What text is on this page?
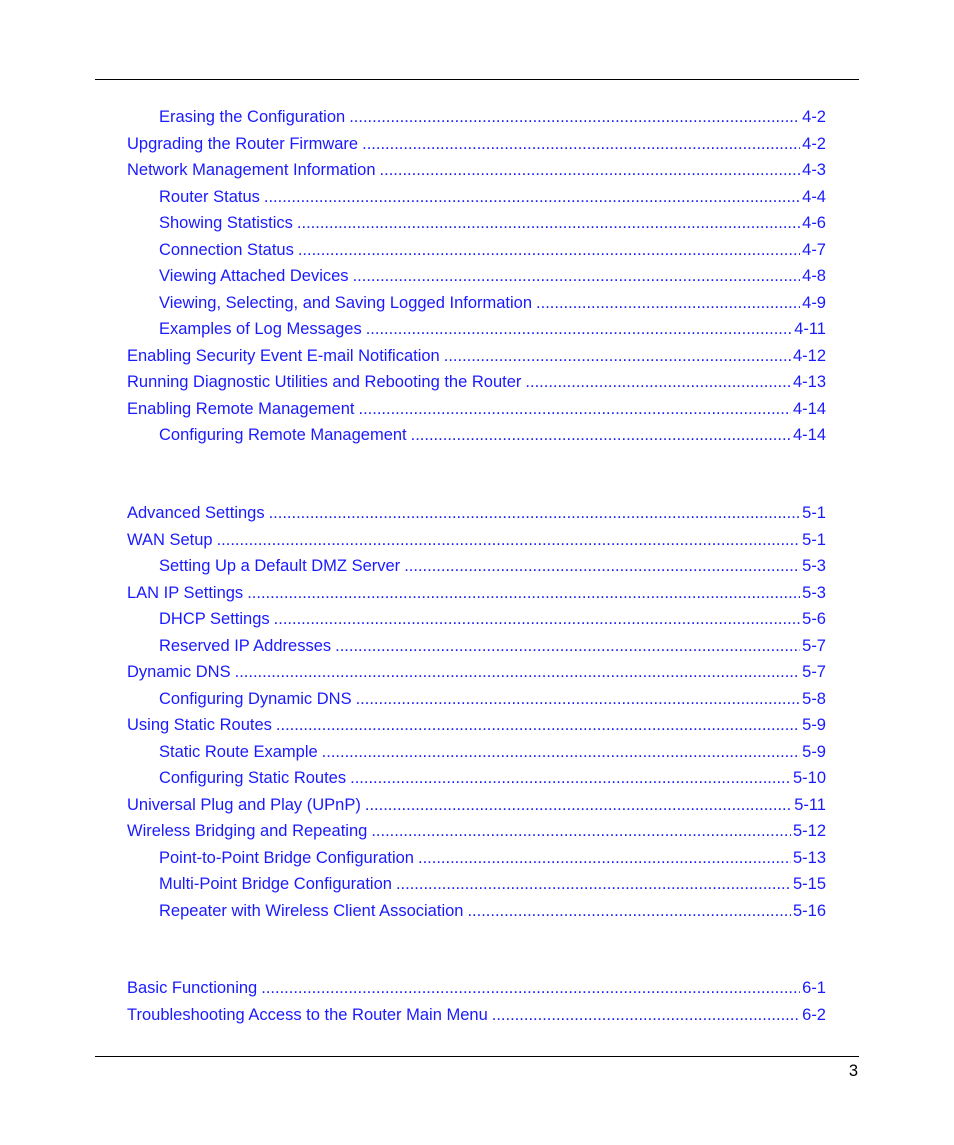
Erasing the Configuration .....	4-2
Upgrading the Router Firmware .....	4-2
Network Management Information .....	4-3
Router Status .....	4-4
Showing Statistics .....	4-6
Connection Status .....	4-7
Viewing Attached Devices .....	4-8
Viewing, Selecting, and Saving Logged Information .....	4-9
Examples of Log Messages .....	4-11
Enabling Security Event E-mail Notification .....	4-12
Running Diagnostic Utilities and Rebooting the Router .....	4-13
Enabling Remote Management .....	4-14
Configuring Remote Management .....	4-14
Advanced Settings .....	5-1
WAN Setup .....	5-1
Setting Up a Default DMZ Server .....	5-3
LAN IP Settings .....	5-3
DHCP Settings .....	5-6
Reserved IP Addresses .....	5-7
Dynamic DNS .....	5-7
Configuring Dynamic DNS .....	5-8
Using Static Routes .....	5-9
Static Route Example .....	5-9
Configuring Static Routes .....	5-10
Universal Plug and Play (UPnP) .....	5-11
Wireless Bridging and Repeating .....	5-12
Point-to-Point Bridge Configuration .....	5-13
Multi-Point Bridge Configuration .....	5-15
Repeater with Wireless Client Association .....	5-16
Basic Functioning .....	6-1
Troubleshooting Access to the Router Main Menu .....	6-2
3
